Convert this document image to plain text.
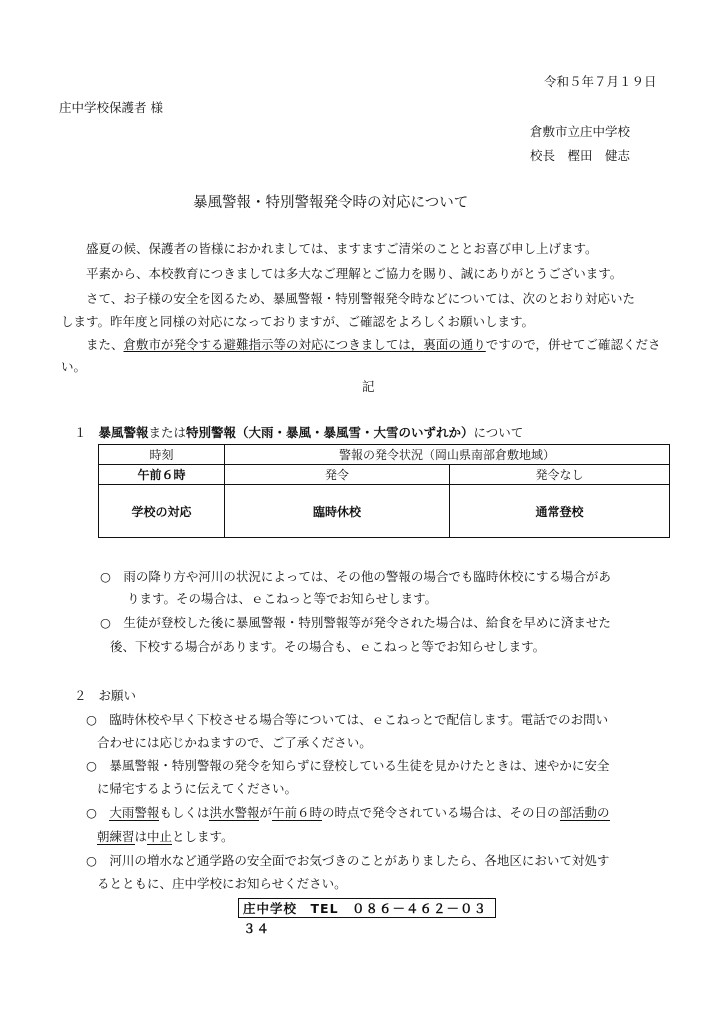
令和５年７月１９日
庄中学校保護者 様
倉敷市立庄中学校
校長　樫田　健志
暴風警報・特別警報発令時の対応について
盛夏の候、保護者の皆様におかれましては、ますますご清栄のこととお喜び申し上げます。
平素から、本校教育につきましては多大なご理解とご協力を賜り、誠にありがとうございます。
さて、お子様の安全を図るため、暴風警報・特別警報発令時などについては、次のとおり対応いた
します。昨年度と同様の対応になっておりますが、ご確認をよろしくお願いします。
また、倉敷市が発令する避難指示等の対応につきましては，裏面の通りですので，併せてご確認くださ
い。
記
１ 暴風警報または特別警報（大雨・暴風・暴風雪・大雪のいずれか）について
時刻	警報の発令状況（岡山県南部倉敷地域）	
午前６時	発令	発令なし
学校の対応	臨時休校	通常登校
○　雨の降り方や河川の状況によっては、その他の警報の場合でも臨時休校にする場合があ
ります。その場合は、ｅこねっと等でお知らせします。
○　生徒が登校した後に暴風警報・特別警報等が発令された場合は、給食を早めに済ませた
後、下校する場合があります。その場合も、ｅこねっと等でお知らせします。
２ お願い
○　臨時休校や早く下校させる場合等については、ｅこねっとで配信します。電話でのお問い
合わせには応じかねますので、ご了承ください。
○　暴風警報・特別警報の発令を知らずに登校している生徒を見かけたときは、速やかに安全
に帰宅するように伝えてください。
○　大雨警報もしくは洪水警報が午前６時の時点で発令されている場合は、その日の部活動の
朝練習は中止とします。
○　河川の増水など通学路の安全面でお気づきのことがありましたら、各地区において対処す
るとともに、庄中学校にお知らせください。
庄中学校　TEL　０８６－４６２－０３３４
